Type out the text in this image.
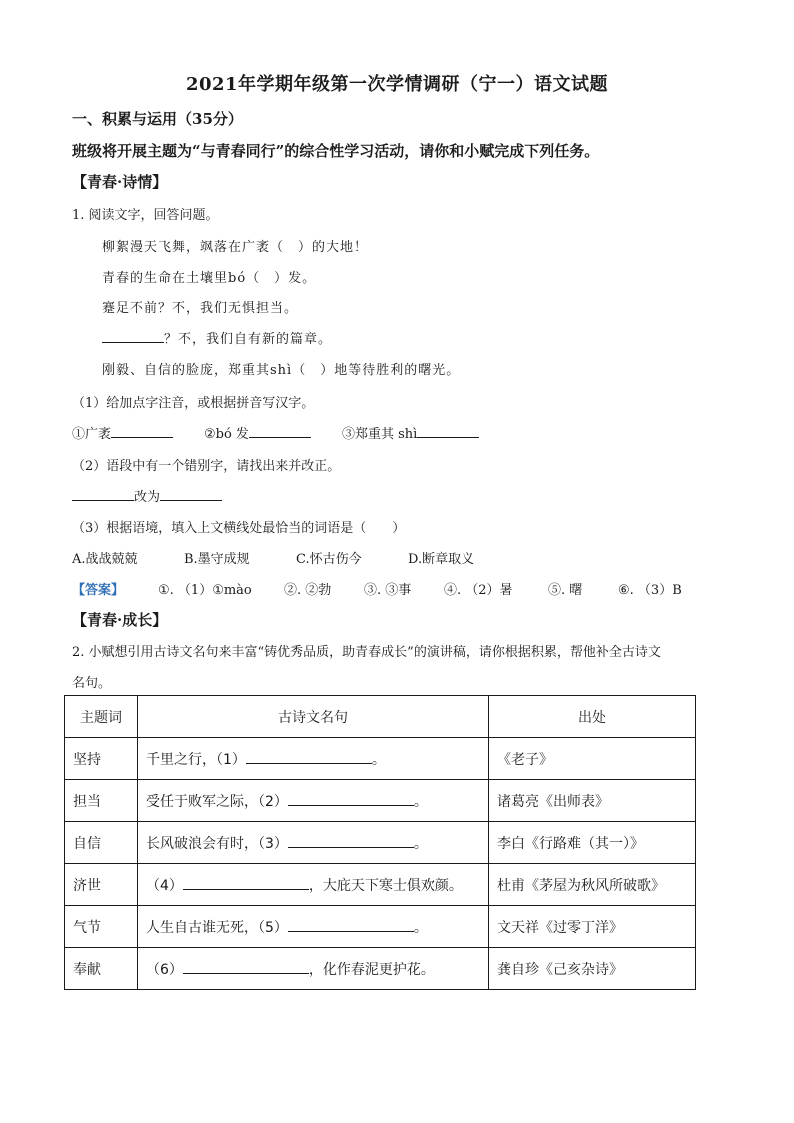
2021年学期年级第一次学情调研（宁一）语文试题
一、积累与运用（35分）
班级将开展主题为“与青春同行”的综合性学习活动，请你和小赋完成下列任务。
【青春·诗情】
1. 阅读文字，回答问题。
柳絮漫天飞舞，飒落在广袤（　）的大地！
青春的生命在土壤里bó（　）发。
蹇足不前？不，我们无惧担当。
？不，我们自有新的篇章。
刚毅、自信的脸庞，郑重其shì（　）地等待胜利的曙光。
（1）给加点字注音，或根据拼音写汉字。
①广袤	②bó 发	③郑重其 shì
（2）语段中有一个错别字，请找出来并改正。
改为
（3）根据语境，填入上文横线处最恰当的词语是（　　）
A.战战兢兢	B.墨守成规	C.怀古伤今	D.断章取义
【答案】	①. （1）①mào ②. ②勃	③. ③事	④. （2）暑	⑤. 曙	⑥. （3）B
【青春·成长】
2. 小赋想引用古诗文名句来丰富“铸优秀品质，助青春成长”的演讲稿，请你根据积累，帮他补全古诗文
名句。
主题词	古诗文名句	出处
坚持	千里之行，（1） 。	《老子》
担当	受任于败军之际，（2） 。	诸葛亮《出师表》
自信	长风破浪会有时，（3） 。	李白《行路难（其一）》
济世	（4） ，大庇天下寒士俱欢颜。	杜甫《茅屋为秋风所破歌》
气节	人生自古谁无死，（5） 。	文天祥《过零丁洋》
奉献	（6） ，化作春泥更护花。	龚自珍《己亥杂诗》
